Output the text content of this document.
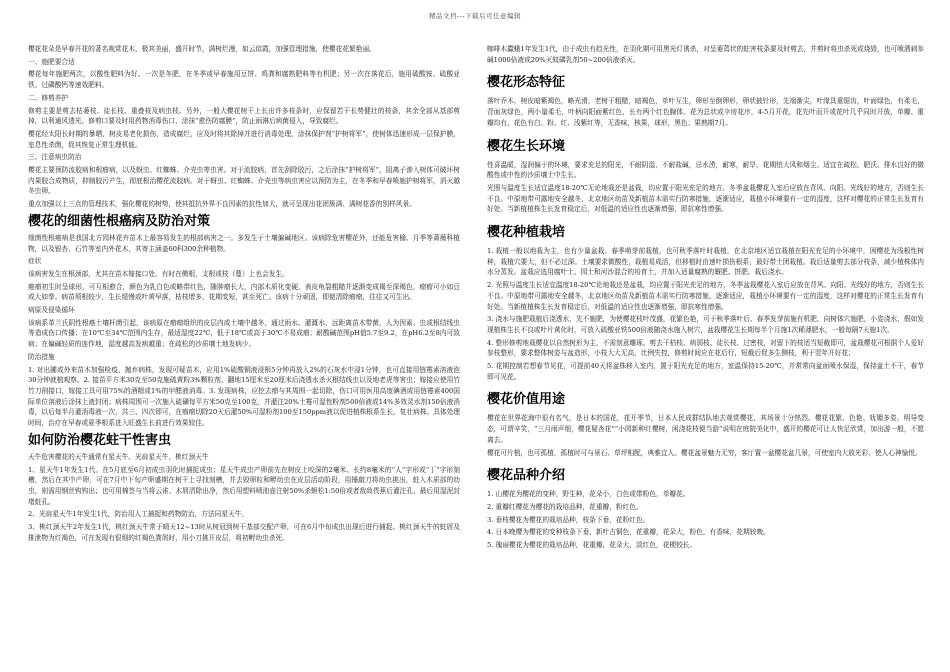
精品文档---下载后可任意编辑

樱花花朵是早春开花的著名观赏花木，极其美丽，盛开时节，满树烂漫，如云似霞，加强管理措施，使樱花花繁艳丽。

一、施肥要合适

樱花每年施肥两次，以酸性肥料为好。一次是冬肥，在冬季或早春施用豆饼、鸡粪和腐熟肥料等有机肥；另一次在落花后，施用硫酸铵、硫酸亚铁、过磷酸钙等速效肥料。

二、修剪养护

修剪主要是剪去枯萎枝、徒长枝、重叠枝及病虫枝。另外，一般大樱花树干上长出许多枝条时，应保留若干长势健壮的枝条，其余全部从基部剪掉，以利通风透光。修剪口要及时用药物消毒伤口，涂抹“愈伤防腐膜”，防止雨淋后病菌侵入，导致腐烂。

樱花经太阳长时期的暴晒，树皮易老化损伤，造成腐烂，应及时将其除掉并进行消毒处理，涂抹保护剂“护树将军”，使树体迅速形成一层保护膜，室息性杀菌，促其恢复正常生理机能。

三、注意病虫防治

樱花主要预防流胶病和根瘤病，以及蚜虫、红蜘蛛、介壳虫等虫害。对于流胶病，首先刮除胶污，之后涂抹“护树将军”，阻离子渗入树体可破坏树内果胶合成物质，抑制胶污产生，彻底根治樱花流胶病。对于蚜虫、红蜘蛛、介壳虫等病虫害应以预防为主，在冬季和早春喷施护树将军，消灭越冬虫卵。

重点加强以上三点的管理技术，强化樱花的树势，使其抵抗外界不良因素的抗性加大，就可呈现出花团簇满、满树花香的别样风景。

樱花的细菌性根癌病及防治对策

细菌性根癌病是我国北方园林花卉苗木上最容易发生的根部病害之一。多发生于土壤偏碱地区。该病除危害樱花外，还能危害榆、月季等蔷薇科植物，以及银杏、石竹等室内外花木，其寄主涵盖60科300余种植物。

症状

该病害发生在根颈部，尤其在苗木嫁接口处，有时在侧根，支根或枝（蔓）上也会发生。

癌瘤初生时呈球形，可互相愈合，颜色为乳白色或略带红色，随肿瘤长大，内部木质化变硬，表皮龟裂粗糙并逐渐变成褐至深褐色，瘤瘤可小如豆或大如拳。病苗须根较少，生长缓慢或叶黄早落，枯枝增多，花期变短，甚至死亡。该病十分顽固，即便清除瘤瘤，往往又可生出。

病原及侵染循环

该病系革兰氏阴性根癌土壤杆菌引起，该病原在瘤瘤组织的皮层内或土壤中越冬，通过雨水、灌溉水、远距离苗木带菌，人为因素、虫或根结线虫等造成伤口传播；在10℃至34℃范围内生存，最适湿度22℃，低于18℃或高于30℃不易成瘤；耐酸碱范围pH值5.7至9.2，在pH6.2至8内可致病；在偏碱轻质的连作地，湿度越高发病越重；在疏松的沙质壤土地发病少。

防治措施

1. 对出圃或外来苗木加强检疫，抛弃病株，发现可疑苗木，应用1%硫酸铜液浸根5分钟再放入2%的石灰水中浸1分钟，也可直接用链霉素溶液泡30分钟就植观察。2. 接苗平方米30克至50克施硫黄粉3%颗粒剂，翻地15厘米至20厘米后浇透水杀灭根结线虫以及地老虎等害虫；嫁接应使用竹竹刀削接口，嫁接工具可用75%的酒精或1%的甲醛液消毒。3. 发现病株，应挖去瘤与其周围一起切除，伤口可用医用高度碘酒或用链霉素400国际单位溶液后涂抹上液封闭；病株周围可一次施入硫磺每平方米50克至100克，并灌注20%土霉可湿性粉剂500倍液或14%多效灵水剂150倍液消毒，以后每半月灌消毒液一次，共三、四次即可，在瘤瘤切除20天后灌50%可湿粉剂100至150ppm液以促进植株根系生长，复壮病株。具体处理时间，治疗在早春或夏季根系进入旺盛生长前进行效果较佳。

如何防治樱花蛀干性害虫

天牛危害樱花的天牛通常有星天牛、光肩星天牛、桃红颈天牛

1、星天牛1年发生1代。在5月底至6月初成虫羽化时捕捉成虫；星天牛成虫产卵前先在树皮上咬深的2毫米、长约8毫米的“人”字形或“丁”字形刻槽，然后在其中产卵，可在7月中下旬产卵盛期在树干上寻找刻槽，并去毁卵粒和孵幼虫在皮层活动阶段，用锤敲刀将幼虫挑出，蛀入木质部的幼虫，则需用钢丝钩钩出；也可用棉签与当将云雀、木屑清除出净，然后用塑料喷油壶注射50%杀螟松1:50倍或者敌敌畏蕉后灌注孔，最后用湿泥封堵蛀孔。

2、光肩星天牛1年发生1代，防治用人工捕捉和药物防治，方法同星天牛。

3、桃红颈天牛2年发生1代，桃红颈天牛常于晴天12~13时从树冠到树干基部交配产卵，可在6月中旬成虫出现后进行捕捉。桃红颈天牛的蛀屑及排泄物为红褐色，可在发现有很细的红褐色粪屑时，用小刀挑开皮层，将初孵幼虫杀死。

咖啡木蠹蛾1年发生1代，由于成虫有趋光性，在羽化期可用黑光灯诱杀，对呈萎蔫状的蛀害枝条要及时剪去，并剪时将虫杀死或烧毁，也可喷洒刺参碱1000倍液或20%灭蚊磷乳剂50~200倍液杀灭。

樱花形态特征

落叶乔木，树皮暗紫褐色，略光滑，老树干粗糙，暗褐色，单叶互生，卵形至倒卵形，卵状披针形，先端渐尖，叶缘具重锯齿，叶面绿色，有柔毛，背面灰绿色，两小量柔毛，叶柄向阳面紫红色，长有两个红色腺体。花为总状或伞房花序，4-5月开花，花先叶而开或花叶几乎同时开放，单瓣、重瓣均有，花色有白、粉、红、浅紫红等，无香味，核果，球形，黑色；果熟期7月。

樱花生长环境

性喜温暖，湿润偏于的环境，要求充足的阳光，不耐阴湿，不耐盐碱，忌水涝，耐寒，耐旱，花期怕大风和烟尘。适宜在疏松、肥沃、排水良好的微酸性或中性的沙质壤土中生长。

光照与温度生长适宜温度18-20℃无论地栽还是盆栽，均应置于阳光充足的地方。冬季盆栽樱花入室后应放在背风、向阳、光线好的地方，否则生长不良。中原地带可露地安全越冬，北京地区幼苗及新植苗木需实行防寒措施，逐渐适应，栽植小环境要有一定的湿度，这样对樱花的正常生长发育有好处。当新植植株生长发育稳定后，对低温的适应性也逐渐增强，即抗寒性增强。

樱花种植栽培

1. 栽植一般以地栽为主，也有少量盆栽。春季萌芽前栽植，也可秋季落叶时栽植，在北京地区适宜栽植在阳光充足的小环境中，困樱花为浅根性树种，栽植穴要大，但不必过深。土壤要求微酸性，栽植易成活，但移植时由速叶损伤根系，最好带土团栽植。栽后适量剪去部分枝条，减少植株体内水分蒸发。盆栽应选用腐叶土、园土和河沙混合的培育土，并加入适量腐熟的厩肥、饼肥、栽后浇水。

2. 光照与温度生长适宜温度18-20℃论地栽还是盆栽，均应置于阳光充足的地方，冬季盆栽樱花入室后应放在背风、向阳、光线好的地方，否则生长不良。中原地带可露地安全越冬，北京地区幼苗及新植苗木需实行防寒措施，逐渐适应，栽植小环境要有一定的湿度，这样对樱花的正常生长发育有好处。当新植植株生长发育稳定后，对低温的适应性也逐渐增强，即抗寒性增强。

3. 浇水与施肥栽植后浇透水，先不施肥，为使樱花枝叶茂盛，花繁色艳，可于秋季落叶后、春季发芽前施有机肥，向树体穴施肥，小姿浇水，假如发现植株生长不良或叶片黄化时，可放入硫酸亚铁500倍液随浇水施入树穴，盆栽樱花生长期每半个月施1次稀薄肥水，一般每隔7天施1次。

4. 整形修剪地栽樱花以自然树形为主，不需刻意雕琢。剪去干枯枝、病弱枝、徒长枝、过密枝，对留下的枝适当短截即可，盆栽樱花可根据个人爱好参枝整形，要求整体树姿与盆造形，小枝大大无高，比例失控，修剪时间应在花后行，短截后促多生侧枝，利于翌年开好花；

5. 花期控制若想春节见花，可提前40天将盆株移入室内，置于阳光充足的地方，室温保持15-20℃，并常常向盆面喷水保湿，保持盆土不干，春节即可见花。

樱花价值用途

樱花在世界花海中很有名气，是日本的国花，花开季节，日本人民成群结队地去观赏樱花，其场景十分热烈。樱花花繁、色艳、妩媚多姿，明导变态，可谓辛笑，“三月雨声细，樱花疑杏花”“小园新种红樱树，闲浇花枝便当游”说明在庭院美化中，盛开的樱花可让人快足欣赏，加出游一般，不愿离去。

樱花可片植，也可孤植，孤植时可与景石、草坪相配，典雅宜人。樱花盆景魅力无穷，客厅置一盆樱花盆几景，可使室内大放光彩，使人心神愉悦。

樱花品种介绍

1. 山樱花为樱花的变种，野生种，花朵小，白色或带粉色，单瓣花。

2. 重瓣红樱花为樱花的栽培品种，花重瓣，粉红色。

3. 垂枝樱花为樱花的栽培品种，枝条下垂，花粉红色。

4. 日本晚樱为樱花的变种枝条下垂，新叶古铜色，花重瓣，花朵大，粉色，有香味，花期较晚。

5. 瑰丽樱花为樱花的栽培品种，花重瓣，花朵大，淡红色，花梗较长。
